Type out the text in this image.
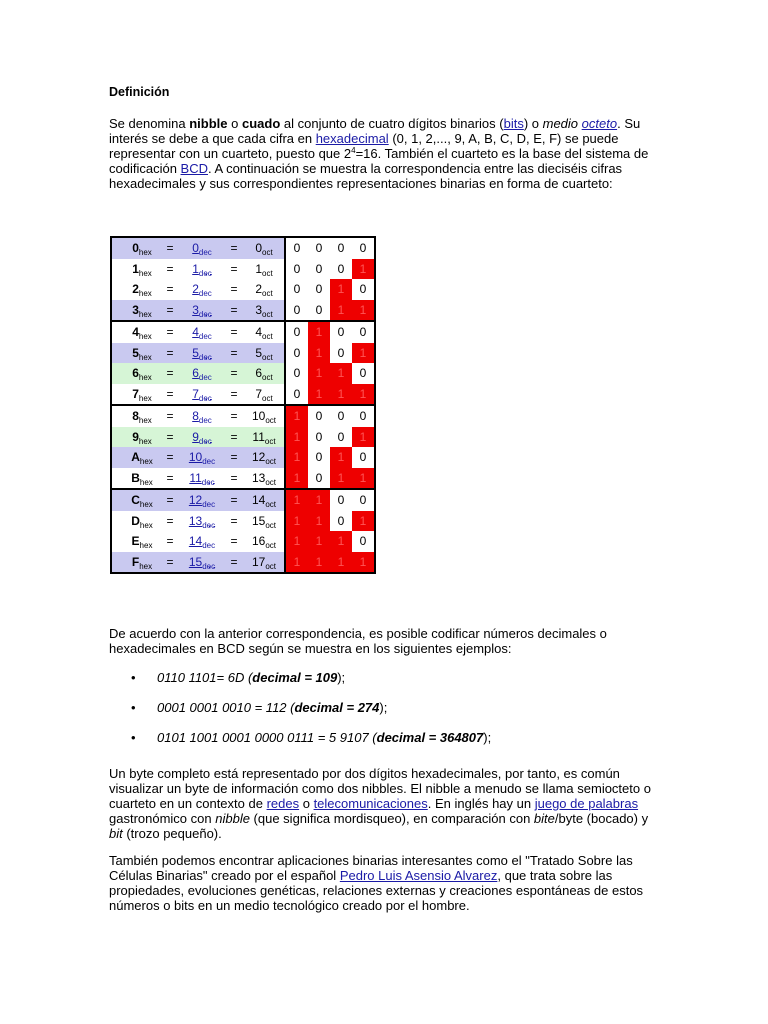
Definición
Se denomina nibble o cuado al conjunto de cuatro dígitos binarios (bits) o medio octeto. Su interés se debe a que cada cifra en hexadecimal (0, 1, 2,..., 9, A, B, C, D, E, F) se puede representar con un cuarteto, puesto que $2^4=16$. También el cuarteto es la base del sistema de codificación BCD. A continuación se muestra la correspondencia entre las dieciséis cifras hexadecimales y sus correspondientes representaciones binarias en forma de cuarteto:
$0_{hex}$	=	$0_{dec}$	=	$0_{oct}$	0	0	0	0
$1_{hex}$	=	$1_{dec}$	=	$1_{oct}$	0	0	0	1
$2_{hex}$	=	$2_{dec}$	=	$2_{oct}$	0	0	1	0
$3_{hex}$	=	$3_{dec}$	=	$3_{oct}$	0	0	1	1
$4_{hex}$	=	$4_{dec}$	=	$4_{oct}$	0	1	0	0
$5_{hex}$	=	$5_{dec}$	=	$5_{oct}$	0	1	0	1
$6_{hex}$	=	$6_{dec}$	=	$6_{oct}$	0	1	1	0
$7_{hex}$	=	$7_{dec}$	=	$7_{oct}$	0	1	1	1
$8_{hex}$	=	$8_{dec}$	=	$10_{oct}$	1	0	0	0
$9_{hex}$	=	$9_{dec}$	=	$11_{oct}$	1	0	0	1
$A_{hex}$	=	$10_{dec}$	=	$12_{oct}$	1	0	1	0
$B_{hex}$	=	$11_{dec}$	=	$13_{oct}$	1	0	1	1
$C_{hex}$	=	$12_{dec}$	=	$14_{oct}$	1	1	0	0
$D_{hex}$	=	$13_{dec}$	=	$15_{oct}$	1	1	0	1
$E_{hex}$	=	$14_{dec}$	=	$16_{oct}$	1	1	1	0
$F_{hex}$	=	$15_{dec}$	=	$17_{oct}$	1	1	1	1
De acuerdo con la anterior correspondencia, es posible codificar números decimales o hexadecimales en BCD según se muestra en los siguientes ejemplos:
• 0110 1101= 6D (decimal = 109);
• 0001 0001 0010 = 112 (decimal = 274);
• 0101 1001 0001 0000 0111 = 5 9107 (decimal = 364807);
Un byte completo está representado por dos dígitos hexadecimales, por tanto, es común visualizar un byte de información como dos nibbles. El nibble a menudo se llama semiocteto o cuarteto en un contexto de redes o telecomunicaciones. En inglés hay un juego de palabras gastronómico con nibble (que significa mordisqueo), en comparación con bite/byte (bocado) y bit (trozo pequeño).
También podemos encontrar aplicaciones binarias interesantes como el "Tratado Sobre las Células Binarias" creado por el español Pedro Luis Asensio Alvarez, que trata sobre las propiedades, evoluciones genéticas, relaciones externas y creaciones espontáneas de estos números o bits en un medio tecnológico creado por el hombre.
